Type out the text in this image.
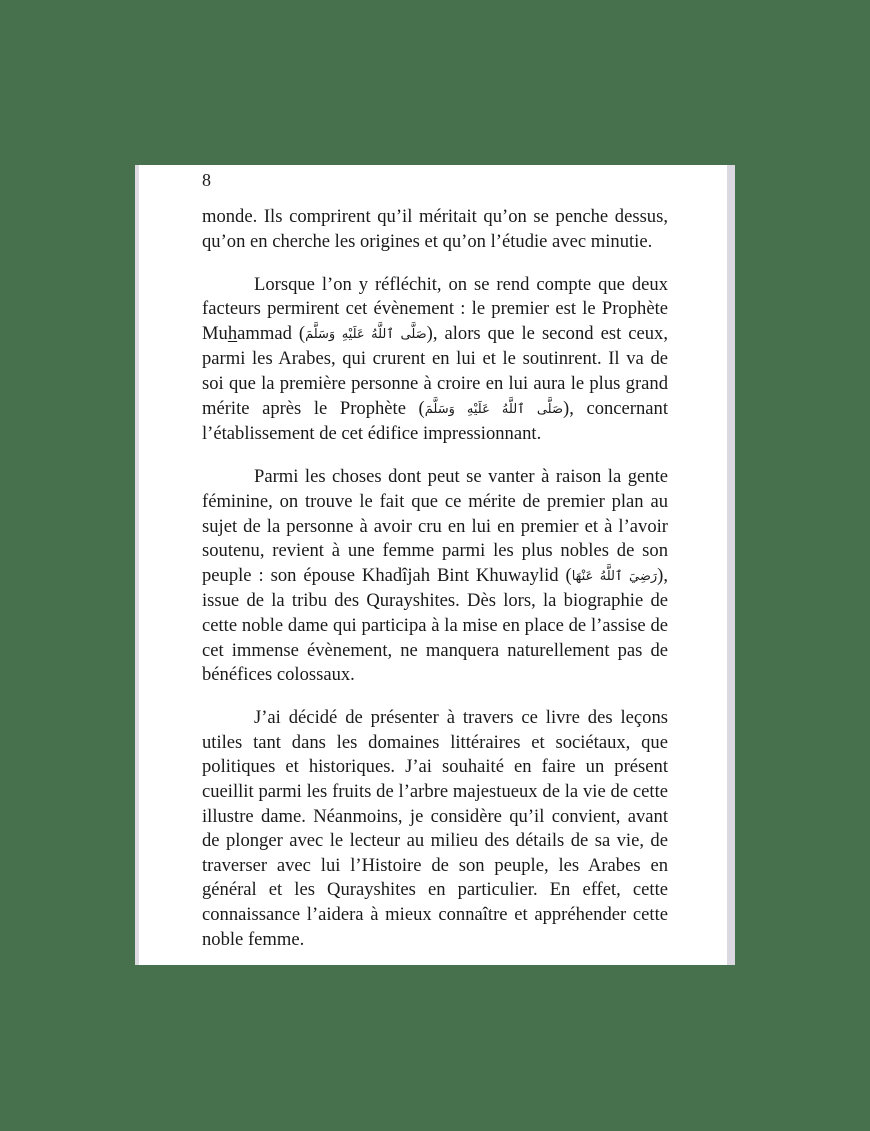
8

monde. Ils comprirent qu’il méritait qu’on se penche dessus, qu’on en cherche les origines et qu’on l’étudie avec minutie.

Lorsque l’on y réfléchit, on se rend compte que deux facteurs permirent cet évènement : le premier est le Prophète Muhammad (صَلَّى ٱللَّهُ عَلَيْهِ وَسَلَّمَ), alors que le second est ceux, parmi les Arabes, qui crurent en lui et le soutinrent. Il va de soi que la première personne à croire en lui aura le plus grand mérite après le Prophète (صَلَّى ٱللَّهُ عَلَيْهِ وَسَلَّمَ), concernant l’établissement de cet édifice impressionnant.

Parmi les choses dont peut se vanter à raison la gente féminine, on trouve le fait que ce mérite de premier plan au sujet de la personne à avoir cru en lui en premier et à l’avoir soutenu, revient à une femme parmi les plus nobles de son peuple : son épouse Khadîjah Bint Khuwaylid (رَضِيَ ٱللَّهُ عَنْهَا), issue de la tribu des Qurayshites. Dès lors, la biographie de cette noble dame qui participa à la mise en place de l’assise de cet immense évènement, ne manquera naturellement pas de bénéfices colossaux.

J’ai décidé de présenter à travers ce livre des leçons utiles tant dans les domaines littéraires et sociétaux, que politiques et historiques. J’ai souhaité en faire un présent cueillit parmi les fruits de l’arbre majestueux de la vie de cette illustre dame. Néanmoins, je considère qu’il convient, avant de plonger avec le lecteur au milieu des détails de sa vie, de traverser avec lui l’Histoire de son peuple, les Arabes en général et les Qurayshites en particulier. En effet, cette connaissance l’aidera à mieux connaître et appréhender cette noble femme.
